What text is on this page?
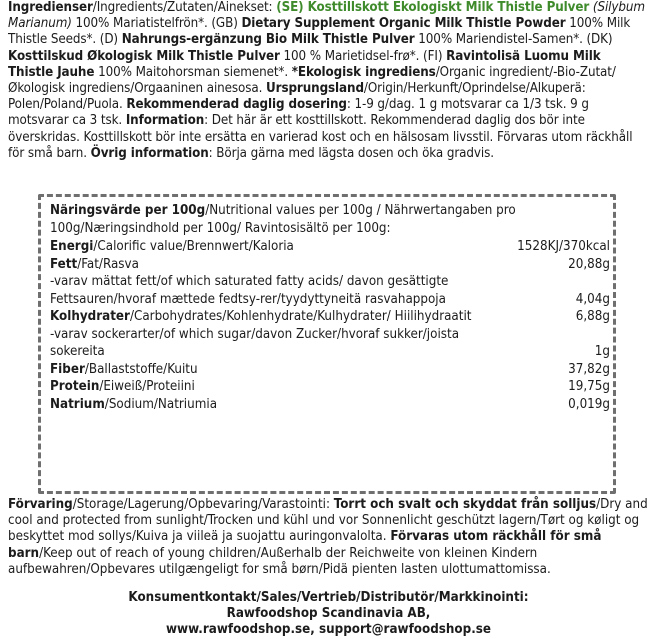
Ingredienser/Ingredients/Zutaten/Ainekset: (SE) Kosttillskott Ekologiskt Milk Thistle Pulver (Silybum Marianum) 100% Mariatistelfrön*. (GB) Dietary Supplement Organic Milk Thistle Powder 100% Milk Thistle Seeds*. (D) Nahrungs-ergänzung Bio Milk Thistle Pulver 100% Mariendistel-Samen*. (DK) Kosttilskud Økologisk Milk Thistle Pulver 100 % Marietidsel-frø*. (FI) Ravintolisä Luomu Milk Thistle Jauhe 100% Maitohorsman siemenet*. *Ekologisk ingrediens/Organic ingredient/-Bio-Zutat/Økologisk ingrediens/Orgaaninen ainesosa. Ursprungsland/Origin/Herkunft/Oprindelse/Alkuperä: Polen/Poland/Puola. Rekommenderad daglig dosering: 1-9 g/dag. 1 g motsvarar ca 1/3 tsk. 9 g motsvarar ca 3 tsk. Information: Det här är ett kosttillskott. Rekommenderad daglig dos bör inte överskridas. Kosttillskott bör inte ersätta en varierad kost och en hälsosam livsstil. Förvaras utom räckhåll för små barn. Övrig information: Börja gärna med lägsta dosen och öka gradvis.
Näringsvärde per 100g/Nutritional values per 100g / Nährwertangaben pro 100g/Næringsindhold per 100g/ Ravintosisältö per 100g:
Energi/Calorific value/Brennwert/Kaloria	1528KJ/370kcal
Fett/Fat/Rasva	20,88g
-varav mättat fett/of which saturated fatty acids/ davon gesättigte Fettsauren/hvoraf mættede fedtsy-rer/tyydyttyneitä rasvahappoja	4,04g
Kolhydrater/Carbohydrates/Kohlenhydrate/Kulhydrater/ Hiilihydraatit	6,88g
-varav sockerarter/of which sugar/davon Zucker/hvoraf sukker/joista sokereita	1g
Fiber/Ballaststoffe/Kuitu	37,82g
Protein/Eiweiß/Proteiini	19,75g
Natrium/Sodium/Natriumia	0,019g
Förvaring/Storage/Lagerung/Opbevaring/Varastointi: Torrt och svalt och skyddat från solljus/Dry and cool and protected from sunlight/Trocken und kühl und vor Sonnenlicht geschützt lagern/Tørt og køligt og beskyttet mod sollys/Kuiva ja viileä ja suojattu auringonvalolta. Förvaras utom räckhåll för små barn/Keep out of reach of young children/Außerhalb der Reichweite von kleinen Kindern aufbewahren/Opbevares utilgængeligt for små børn/Pidä pienten lasten ulottumattomissa.
Konsumentkontakt/Sales/Vertrieb/Distributör/Markkinointi:
Rawfoodshop Scandinavia AB,
www.rawfoodshop.se, support@rawfoodshop.se
